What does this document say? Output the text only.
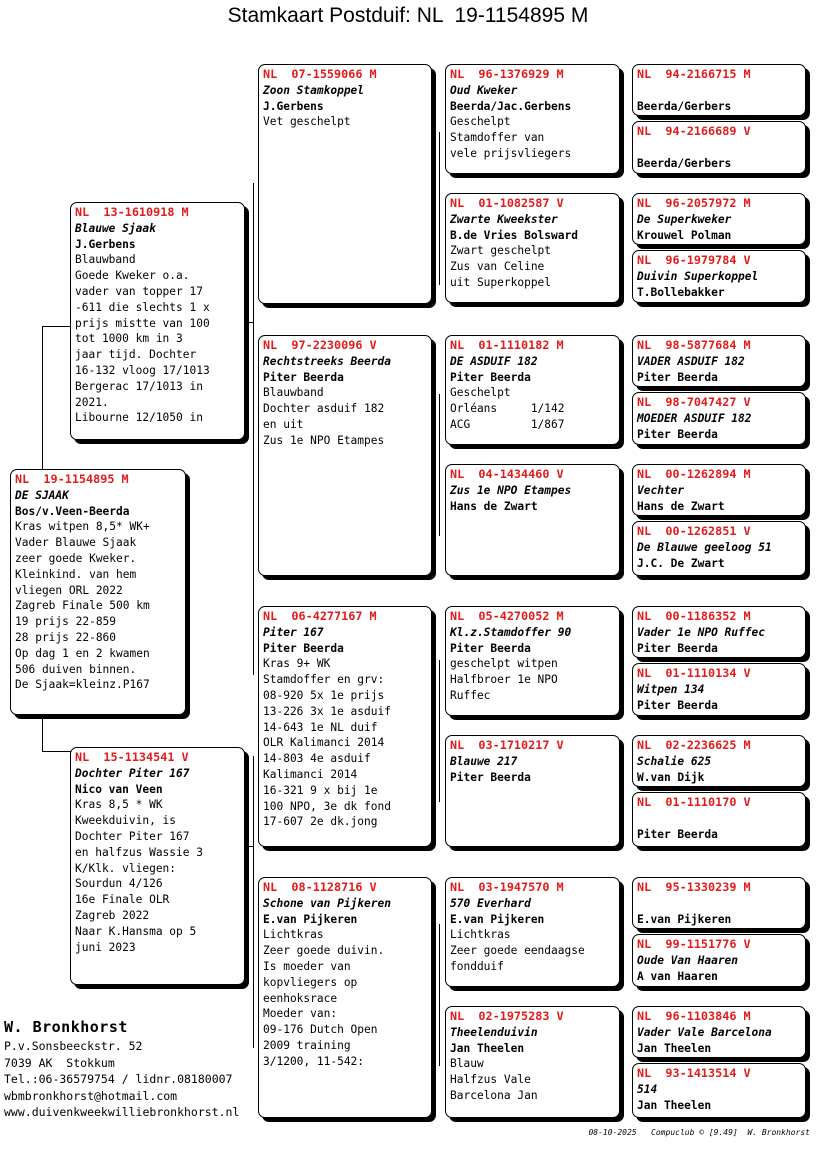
Stamkaart Postduif: NL  19-1154895 M
NL  19-1154895 M
DE SJAAK
Bos/v.Veen-Beerda
Kras witpen 8,5* WK+
Vader Blauwe Sjaak
zeer goede Kweker.
Kleinkind. van hem
vliegen ORL 2022
Zagreb Finale 500 km
19 prijs 22-859
28 prijs 22-860
Op dag 1 en 2 kwamen
506 duiven binnen.
De Sjaak=kleinz.P167
NL  13-1610918 M
Blauwe Sjaak
J.Gerbens
Blauwband
Goede Kweker o.a.
vader van topper 17
-611 die slechts 1 x
prijs mistte van 100
tot 1000 km in 3
jaar tijd. Dochter
16-132 vloog 17/1013
Bergerac 17/1013 in
2021.
Libourne 12/1050 in
NL  15-1134541 V
Dochter Piter 167
Nico van Veen
Kras 8,5 * WK
Kweekduivin, is
Dochter Piter 167
en halfzus Wassie 3
K/Klk. vliegen:
Sourdun 4/126
16e Finale OLR
Zagreb 2022
Naar K.Hansma op 5
juni 2023
NL  07-1559066 M
Zoon Stamkoppel
J.Gerbens
Vet geschelpt
NL  97-2230096 V
Rechtstreeks Beerda
Piter Beerda
Blauwband
Dochter asduif 182
en uit
Zus 1e NPO Etampes
NL  06-4277167 M
Piter 167
Piter Beerda
Kras 9+ WK
Stamdoffer en grv:
08-920 5x 1e prijs
13-226 3x 1e asduif
14-643 1e NL duif
OLR Kalimanci 2014
14-803 4e asduif
Kalimanci 2014
16-321 9 x bij 1e
100 NPO, 3e dk fond
17-607 2e dk.jong
NL  08-1128716 V
Schone van Pijkeren
E.van Pijkeren
Lichtkras
Zeer goede duivin.
Is moeder van
kopvliegers op
eenhoksrace
Moeder van:
09-176 Dutch Open
2009 training
3/1200, 11-542:
NL  96-1376929 M
Oud Kweker
Beerda/Jac.Gerbens
Geschelpt
Stamdoffer van
vele prijsvliegers
NL  01-1082587 V
Zwarte Kweekster
B.de Vries Bolsward
Zwart geschelpt
Zus van Celine
uit Superkoppel
NL  01-1110182 M
DE ASDUIF 182
Piter Beerda
Geschelpt
Orléans     1/142
ACG         1/867
NL  04-1434460 V
Zus 1e NPO Etampes
Hans de Zwart
NL  05-4270052 M
Kl.z.Stamdoffer 90
Piter Beerda
geschelpt witpen
Halfbroer 1e NPO
Ruffec
NL  03-1710217 V
Blauwe 217
Piter Beerda
NL  03-1947570 M
570 Everhard
E.van Pijkeren
Lichtkras
Zeer goede eendaagse
fondduif
NL  02-1975283 V
Theelenduivin
Jan Theelen
Blauw
Halfzus Vale
Barcelona Jan
NL  94-2166715 M
Beerda/Gerbers
NL  94-2166689 V
Beerda/Gerbers
NL  96-2057972 M
De Superkweker
Krouwel Polman
NL  96-1979784 V
Duivin Superkoppel
T.Bollebakker
NL  98-5877684 M
VADER ASDUIF 182
Piter Beerda
NL  98-7047427 V
MOEDER ASDUIF 182
Piter Beerda
NL  00-1262894 M
Vechter
Hans de Zwart
NL  00-1262851 V
De Blauwe geeloog 51
J.C. De Zwart
NL  00-1186352 M
Vader 1e NPO Ruffec
Piter Beerda
NL  01-1110134 V
Witpen 134
Piter Beerda
NL  02-2236625 M
Schalie 625
W.van Dijk
NL  01-1110170 V
Piter Beerda
NL  95-1330239 M
E.van Pijkeren
NL  99-1151776 V
Oude Van Haaren
A van Haaren
NL  96-1103846 M
Vader Vale Barcelona
Jan Theelen
NL  93-1413514 V
514
Jan Theelen
W. Bronkhorst
P.v.Sonsbeeckstr. 52
7039 AK  Stokkum
Tel.:06-36579754 / lidnr.08180007
wbmbronkhorst@hotmail.com
www.duivenkweekwilliebronkhorst.nl
08-10-2025   Compuclub © [9.49]  W. Bronkhorst
